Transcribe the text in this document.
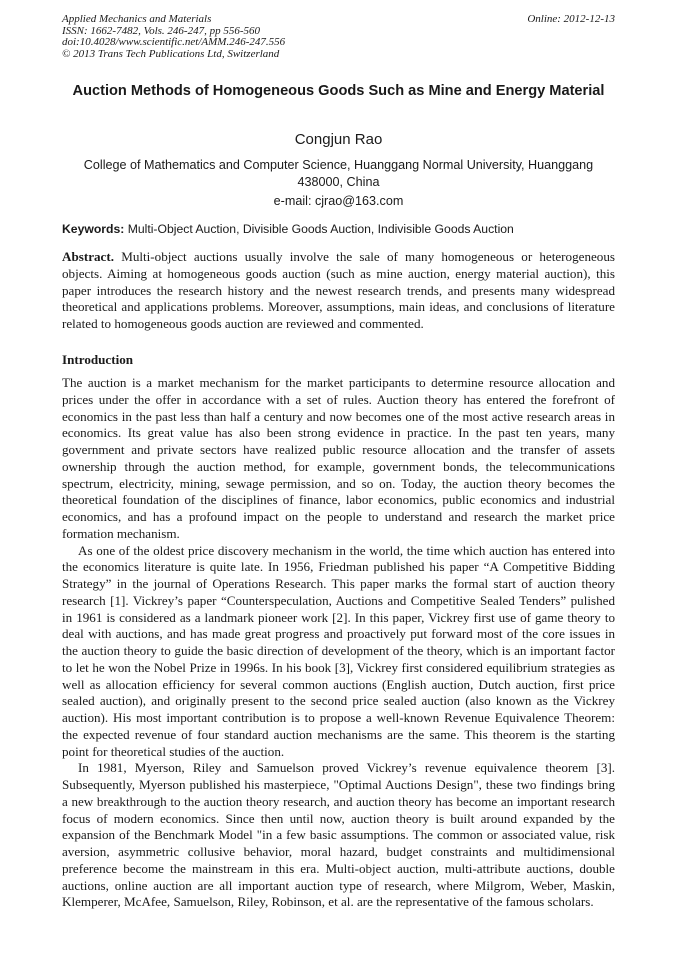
Applied Mechanics and Materials
ISSN: 1662-7482, Vols. 246-247, pp 556-560
doi:10.4028/www.scientific.net/AMM.246-247.556
© 2013 Trans Tech Publications Ltd, Switzerland
Online: 2012-12-13
Auction Methods of Homogeneous Goods Such as Mine and Energy Material
Congjun Rao
College of Mathematics and Computer Science, Huanggang Normal University, Huanggang 438000, China
e-mail: cjrao@163.com
Keywords: Multi-Object Auction, Divisible Goods Auction, Indivisible Goods Auction

Abstract. Multi-object auctions usually involve the sale of many homogeneous or heterogeneous objects. Aiming at homogeneous goods auction (such as mine auction, energy material auction), this paper introduces the research history and the newest research trends, and presents many widespread theoretical and applications problems. Moreover, assumptions, main ideas, and conclusions of literature related to homogeneous goods auction are reviewed and commented.

Introduction

The auction is a market mechanism for the market participants to determine resource allocation and prices under the offer in accordance with a set of rules. Auction theory has entered the forefront of economics in the past less than half a century and now becomes one of the most active research areas in economics. Its great value has also been strong evidence in practice. In the past ten years, many government and private sectors have realized public resource allocation and the transfer of assets ownership through the auction method, for example, government bonds, the telecommunications spectrum, electricity, mining, sewage permission, and so on. Today, the auction theory becomes the theoretical foundation of the disciplines of finance, labor economics, public economics and industrial economics, and has a profound impact on the people to understand and research the market price formation mechanism.

As one of the oldest price discovery mechanism in the world, the time which auction has entered into the economics literature is quite late. In 1956, Friedman published his paper “A Competitive Bidding Strategy” in the journal of Operations Research. This paper marks the formal start of auction theory research [1]. Vickrey’s paper “Counterspeculation, Auctions and Competitive Sealed Tenders” pulished in 1961 is considered as a landmark pioneer work [2]. In this paper, Vickrey first use of game theory to deal with auctions, and has made great progress and proactively put forward most of the core issues in the auction theory to guide the basic direction of development of the theory, which is an important factor to let he won the Nobel Prize in 1996s. In his book [3], Vickrey first considered equilibrium strategies as well as allocation efficiency for several common auctions (English auction, Dutch auction, first price sealed auction), and originally present to the second price sealed auction (also known as the Vickrey auction). His most important contribution is to propose a well-known Revenue Equivalence Theorem: the expected revenue of four standard auction mechanisms are the same. This theorem is the starting point for theoretical studies of the auction.

In 1981, Myerson, Riley and Samuelson proved Vickrey’s revenue equivalence theorem [3]. Subsequently, Myerson published his masterpiece, "Optimal Auctions Design", these two findings bring a new breakthrough to the auction theory research, and auction theory has become an important research focus of modern economics. Since then until now, auction theory is built around expanded by the expansion of the Benchmark Model "in a few basic assumptions. The common or associated value, risk aversion, asymmetric collusive behavior, moral hazard, budget constraints and multidimensional preference become the mainstream in this era. Multi-object auction, multi-attribute auctions, double auctions, online auction are all important auction type of research, where Milgrom, Weber, Maskin, Klemperer, McAfee, Samuelson, Riley, Robinson, et al. are the representative of the famous scholars.
